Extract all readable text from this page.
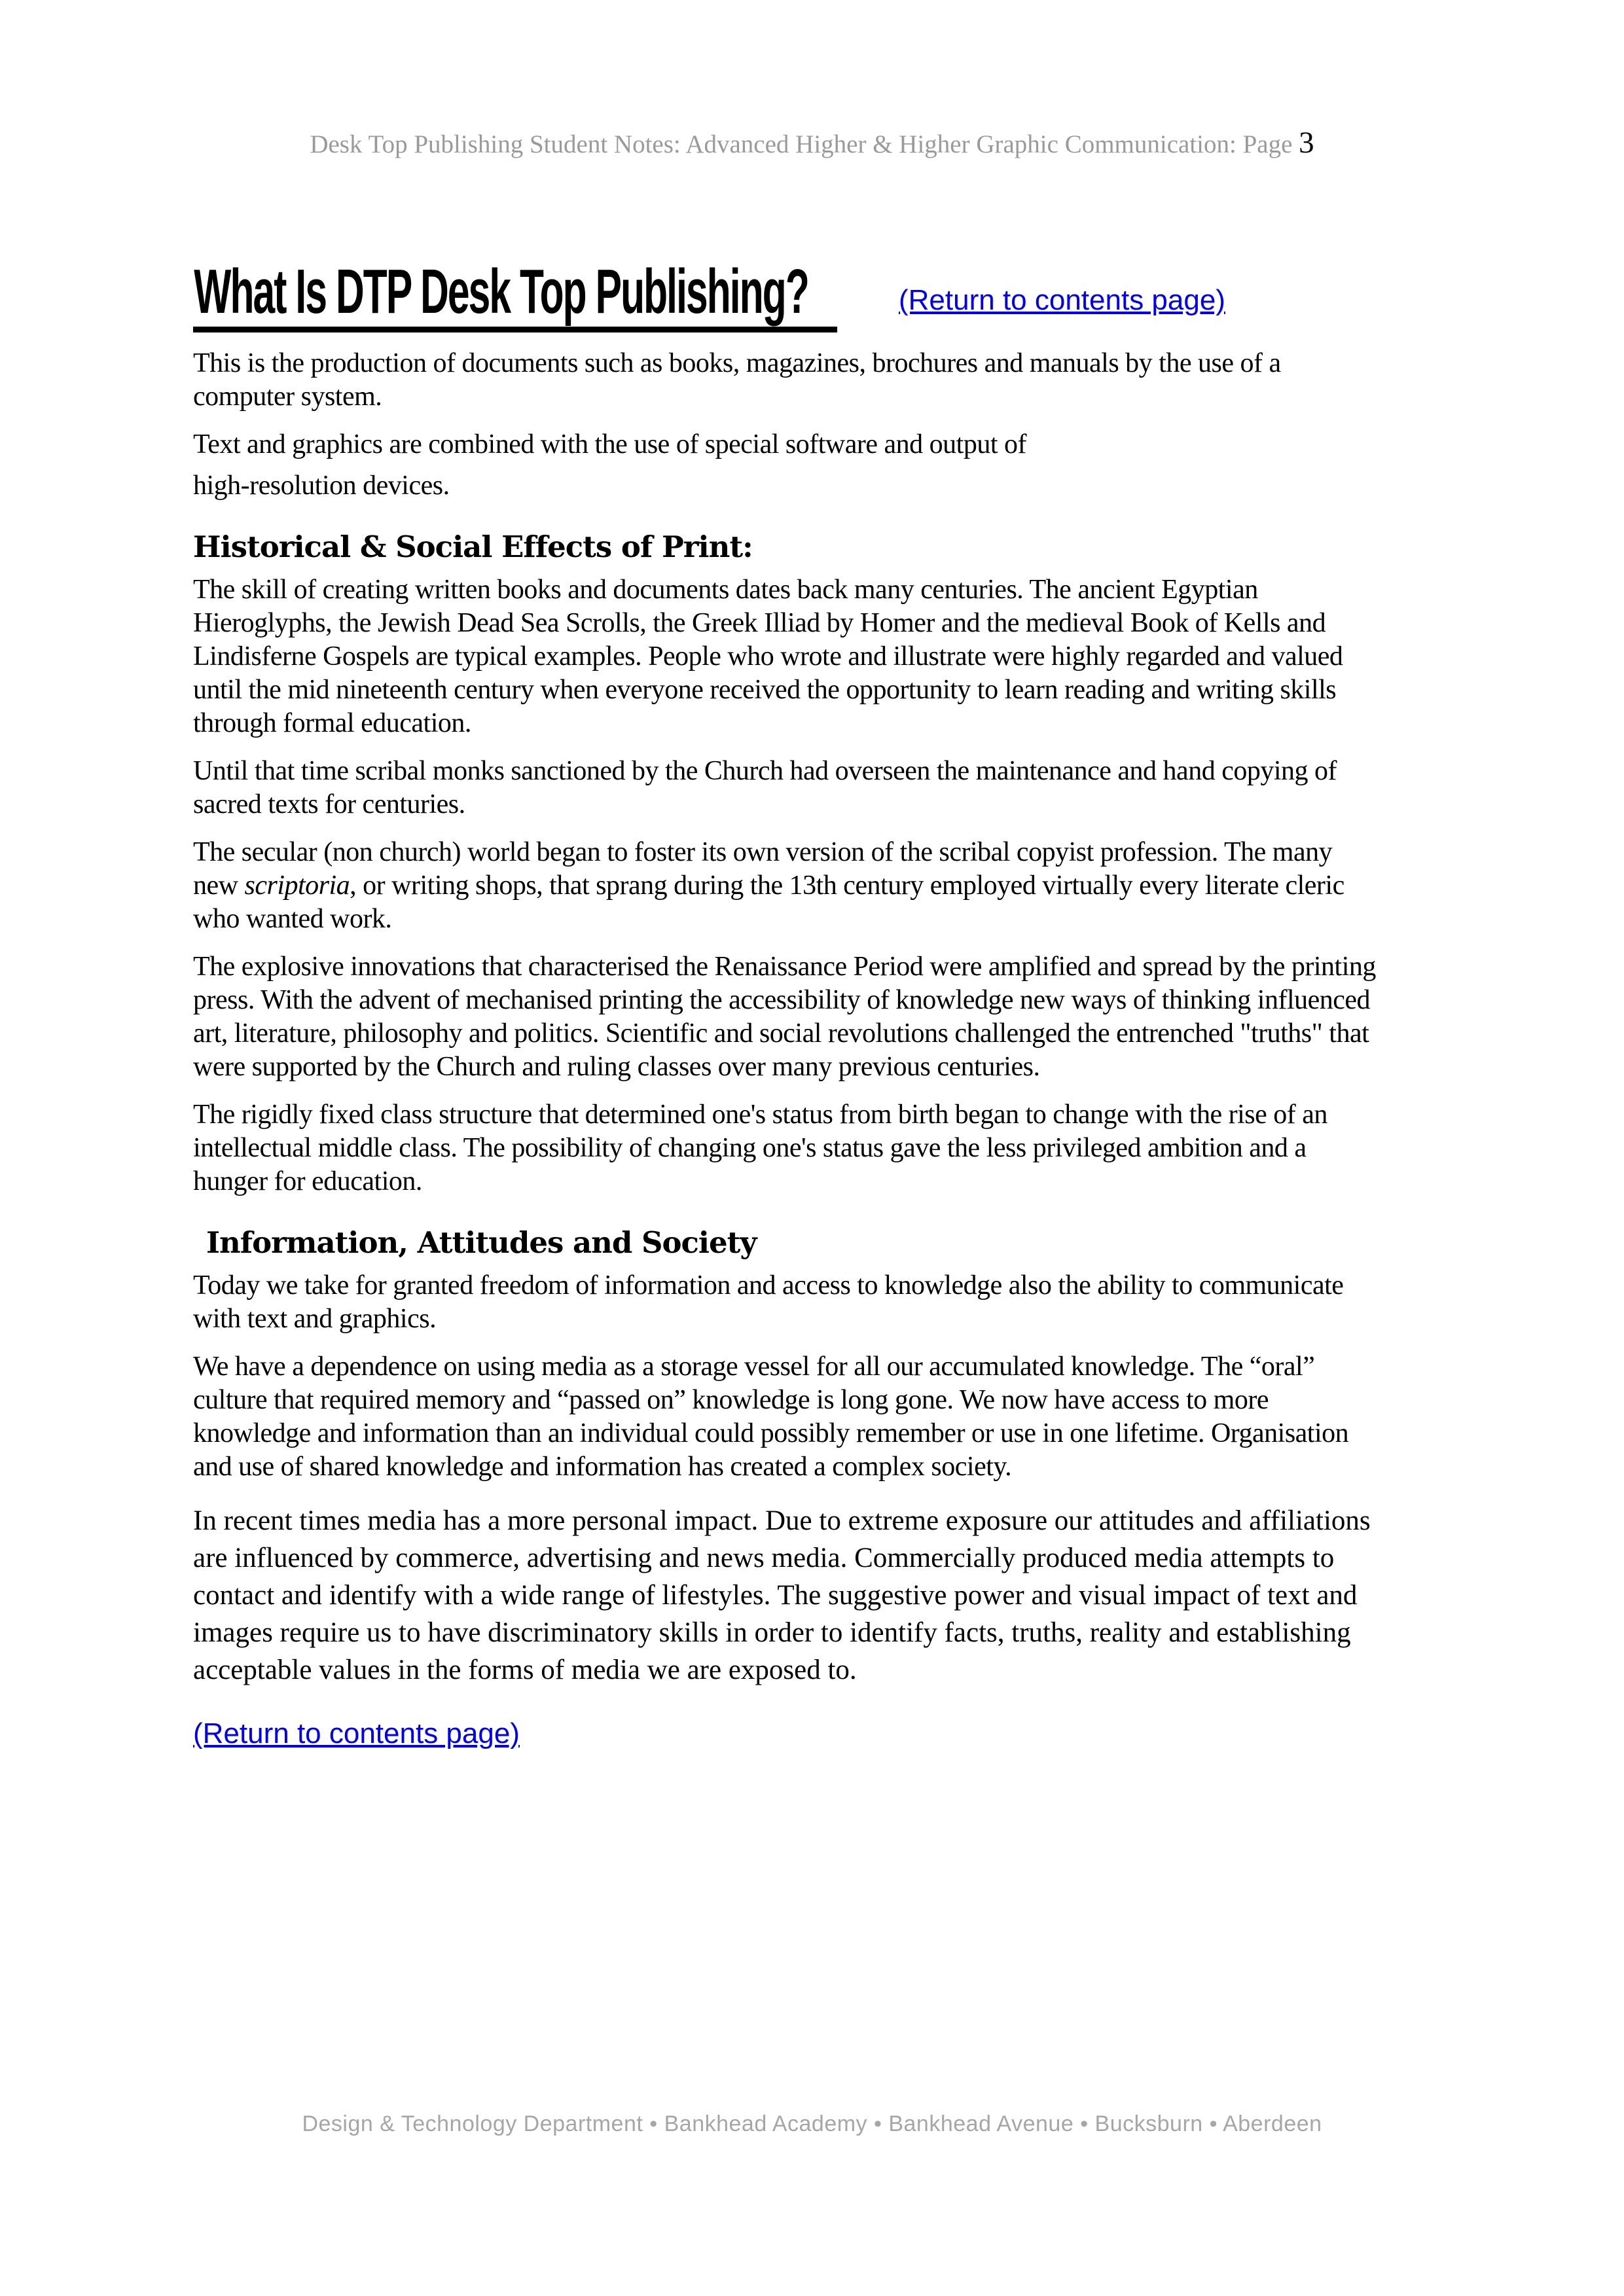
Desk Top Publishing Student Notes: Advanced Higher & Higher Graphic Communication: Page 3
What Is DTP Desk Top Publishing?	(Return to contents page)

This is the production of documents such as books, magazines, brochures and manuals by the use of a computer system.

Text and graphics are combined with the use of special software and output of

high-resolution devices.

Historical & Social Effects of Print:

The skill of creating written books and documents dates back many centuries. The ancient Egyptian Hieroglyphs, the Jewish Dead Sea Scrolls, the Greek Illiad by Homer and the medieval Book of Kells and Lindisferne Gospels are typical examples. People who wrote and illustrate were highly regarded and valued until the mid nineteenth century when everyone received the opportunity to learn reading and writing skills through formal education.

Until that time scribal monks sanctioned by the Church had overseen the maintenance and hand copying of sacred texts for centuries.

The secular (non church) world began to foster its own version of the scribal copyist profession. The many new scriptoria, or writing shops, that sprang during the 13th century employed virtually every literate cleric who wanted work.

The explosive innovations that characterised the Renaissance Period were amplified and spread by the printing press. With the advent of mechanised printing the accessibility of knowledge new ways of thinking influenced art, literature, philosophy and politics. Scientific and social revolutions challenged the entrenched "truths" that were supported by the Church and ruling classes over many previous centuries.

The rigidly fixed class structure that determined one's status from birth began to change with the rise of an intellectual middle class. The possibility of changing one's status gave the less privileged ambition and a hunger for education.

Information, Attitudes and Society

Today we take for granted freedom of information and access to knowledge also the ability to communicate with text and graphics.

We have a dependence on using media as a storage vessel for all our accumulated knowledge. The “oral” culture that required memory and “passed on” knowledge is long gone. We now have access to more knowledge and information than an individual could possibly remember or use in one lifetime. Organisation and use of shared knowledge and information has created a complex society.

In recent times media has a more personal impact. Due to extreme exposure our attitudes and affiliations are influenced by commerce, advertising and news media. Commercially produced media attempts to contact and identify with a wide range of lifestyles. The suggestive power and visual impact of text and images require us to have discriminatory skills in order to identify facts, truths, reality and establishing acceptable values in the forms of media we are exposed to.

(Return to contents page)
Design & Technology Department • Bankhead Academy • Bankhead Avenue • Bucksburn • Aberdeen
